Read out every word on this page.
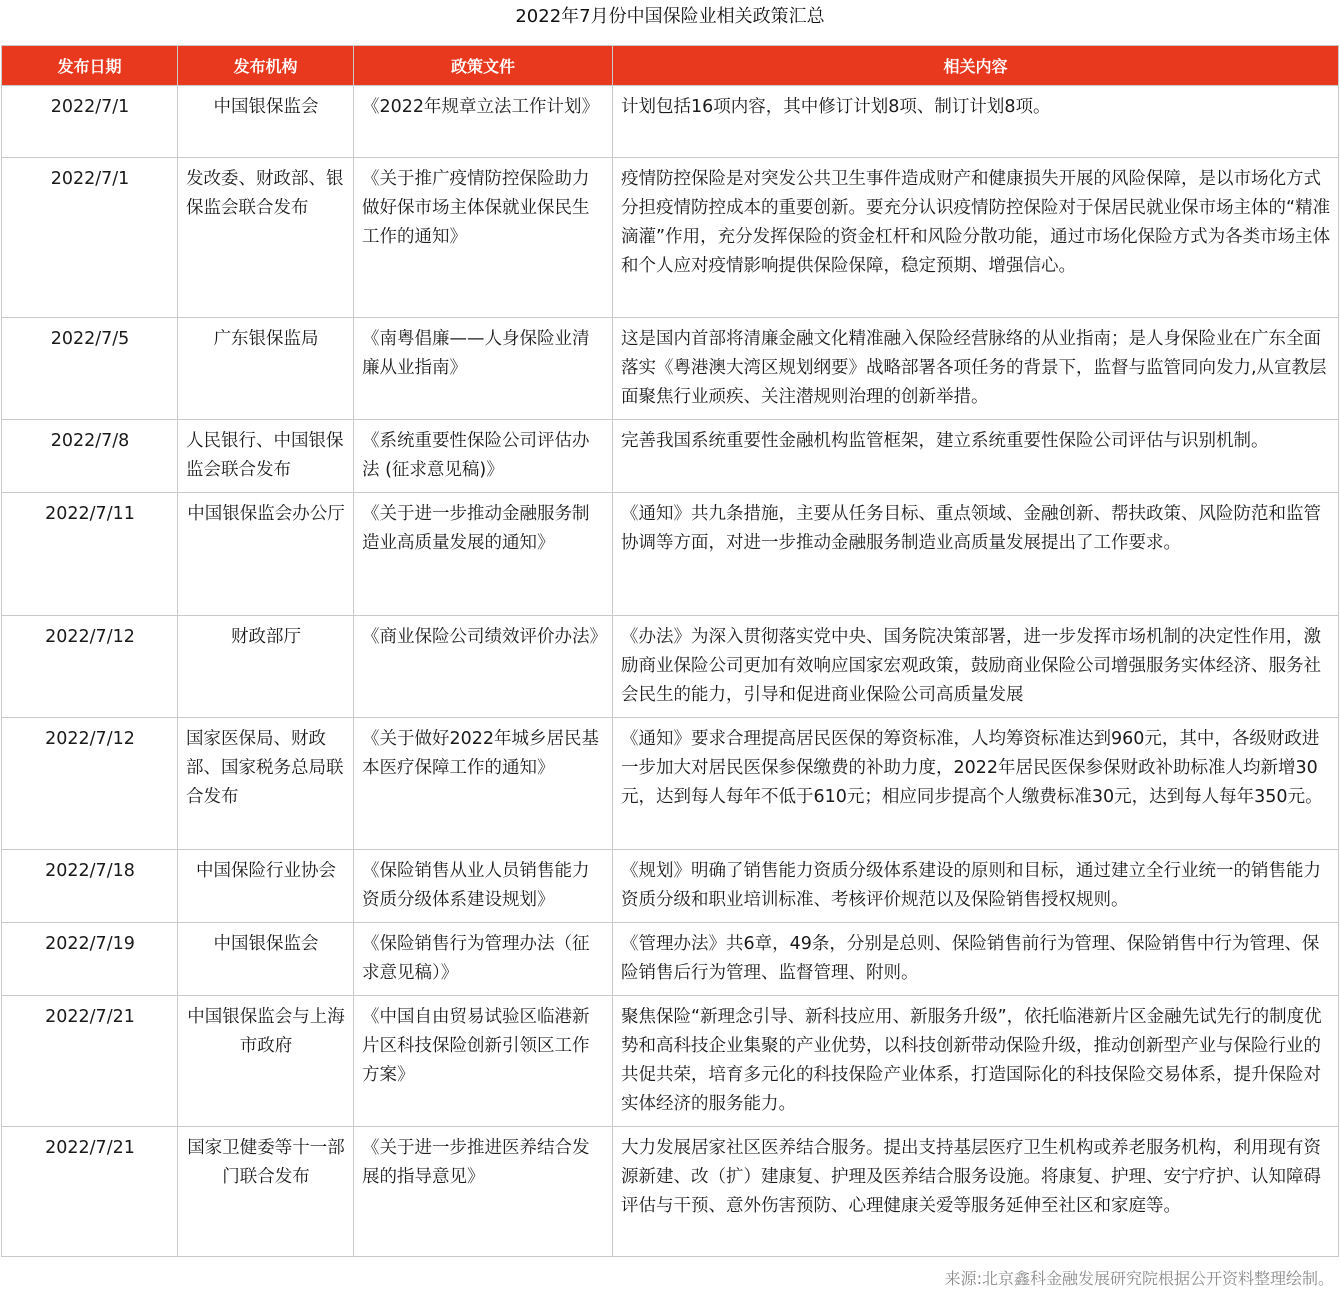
2022年7月份中国保险业相关政策汇总
发布日期	发布机构	政策文件	相关内容
2022/7/1	中国银保监会	《2022年规章立法工作计划》	计划包括16项内容，其中修订计划8项、制订计划8项。
2022/7/1	发改委、财政部、银保监会联合发布	《关于推广疫情防控保险助力做好保市场主体保就业保民生工作的通知》	疫情防控保险是对突发公共卫生事件造成财产和健康损失开展的风险保障，是以市场化方式分担疫情防控成本的重要创新。要充分认识疫情防控保险对于保居民就业保市场主体的“精准滴灌”作用，充分发挥保险的资金杠杆和风险分散功能，通过市场化保险方式为各类市场主体和个人应对疫情影响提供保险保障，稳定预期、增强信心。
2022/7/5	广东银保监局	《南粤倡廉——人身保险业清廉从业指南》	这是国内首部将清廉金融文化精准融入保险经营脉络的从业指南；是人身保险业在广东全面落实《粤港澳大湾区规划纲要》战略部署各项任务的背景下，监督与监管同向发力,从宣教层面聚焦行业顽疾、关注潜规则治理的创新举措。
2022/7/8	人民银行、中国银保监会联合发布	《系统重要性保险公司评估办法 (征求意见稿)》	完善我国系统重要性金融机构监管框架，建立系统重要性保险公司评估与识别机制。
2022/7/11	中国银保监会办公厅	《关于进一步推动金融服务制造业高质量发展的通知》	《通知》共九条措施，主要从任务目标、重点领域、金融创新、帮扶政策、风险防范和监管协调等方面，对进一步推动金融服务制造业高质量发展提出了工作要求。
2022/7/12	财政部厅	《商业保险公司绩效评价办法》	《办法》为深入贯彻落实党中央、国务院决策部署，进一步发挥市场机制的决定性作用，激励商业保险公司更加有效响应国家宏观政策，鼓励商业保险公司增强服务实体经济、服务社会民生的能力，引导和促进商业保险公司高质量发展
2022/7/12	国家医保局、财政部、国家税务总局联合发布	《关于做好2022年城乡居民基本医疗保障工作的通知》	《通知》要求合理提高居民医保的筹资标准，人均筹资标准达到960元，其中，各级财政进一步加大对居民医保参保缴费的补助力度，2022年居民医保参保财政补助标准人均新增30元，达到每人每年不低于610元；相应同步提高个人缴费标准30元，达到每人每年350元。
2022/7/18	中国保险行业协会	《保险销售从业人员销售能力资质分级体系建设规划》	《规划》明确了销售能力资质分级体系建设的原则和目标，通过建立全行业统一的销售能力资质分级和职业培训标准、考核评价规范以及保险销售授权规则。
2022/7/19	中国银保监会	《保险销售行为管理办法（征求意见稿）》	《管理办法》共6章，49条，分别是总则、保险销售前行为管理、保险销售中行为管理、保险销售后行为管理、监督管理、附则。
2022/7/21	中国银保监会与上海市政府	《中国自由贸易试验区临港新片区科技保险创新引领区工作方案》	聚焦保险“新理念引导、新科技应用、新服务升级”，依托临港新片区金融先试先行的制度优势和高科技企业集聚的产业优势，以科技创新带动保险升级，推动创新型产业与保险行业的共促共荣，培育多元化的科技保险产业体系，打造国际化的科技保险交易体系，提升保险对实体经济的服务能力。
2022/7/21	国家卫健委等十一部门联合发布	《关于进一步推进医养结合发展的指导意见》	大力发展居家社区医养结合服务。提出支持基层医疗卫生机构或养老服务机构，利用现有资源新建、改（扩）建康复、护理及医养结合服务设施。将康复、护理、安宁疗护、认知障碍评估与干预、意外伤害预防、心理健康关爱等服务延伸至社区和家庭等。
来源:北京鑫科金融发展研究院根据公开资料整理绘制。
